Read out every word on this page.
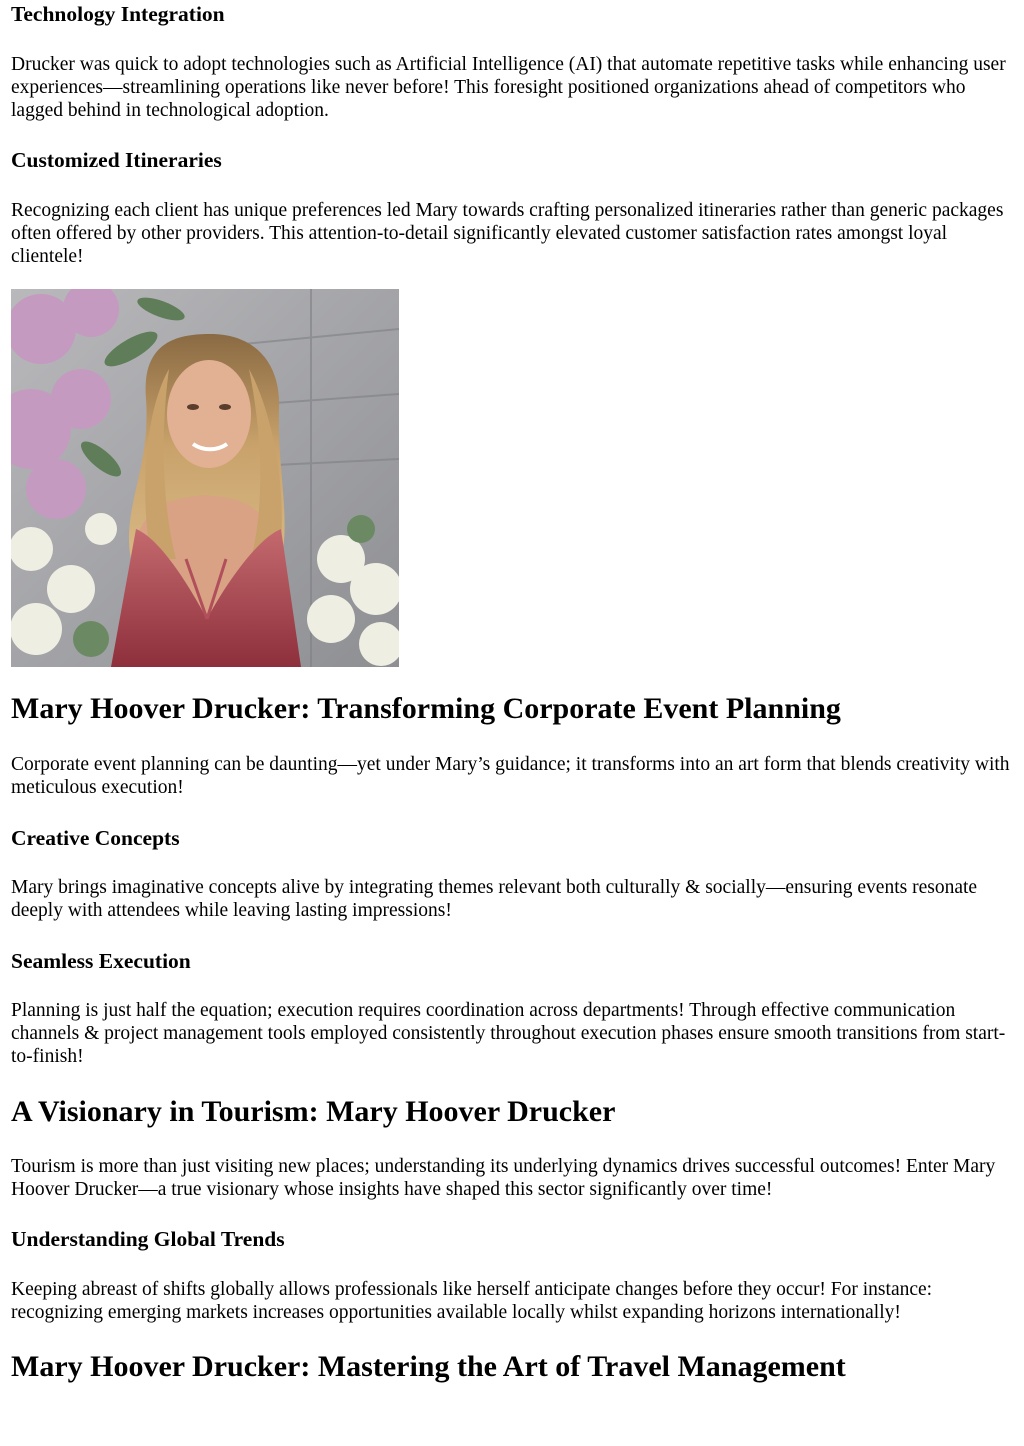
Technology Integration

Drucker was quick to adopt technologies such as Artificial Intelligence (AI) that automate repetitive tasks while enhancing user experiences—streamlining operations like never before! This foresight positioned organizations ahead of competitors who lagged behind in technological adoption.

Customized Itineraries

Recognizing each client has unique preferences led Mary towards crafting personalized itineraries rather than generic packages often offered by other providers. This attention-to-detail significantly elevated customer satisfaction rates amongst loyal clientele!

Mary Hoover Drucker: Transforming Corporate Event Planning

Corporate event planning can be daunting—yet under Mary’s guidance; it transforms into an art form that blends creativity with meticulous execution!

Creative Concepts

Mary brings imaginative concepts alive by integrating themes relevant both culturally & socially—ensuring events resonate deeply with attendees while leaving lasting impressions!

Seamless Execution

Planning is just half the equation; execution requires coordination across departments! Through effective communication channels & project management tools employed consistently throughout execution phases ensure smooth transitions from start-to-finish!

A Visionary in Tourism: Mary Hoover Drucker

Tourism is more than just visiting new places; understanding its underlying dynamics drives successful outcomes! Enter Mary Hoover Drucker—a true visionary whose insights have shaped this sector significantly over time!

Understanding Global Trends

Keeping abreast of shifts globally allows professionals like herself anticipate changes before they occur! For instance: recognizing emerging markets increases opportunities available locally whilst expanding horizons internationally!

Mary Hoover Drucker: Mastering the Art of Travel Management
